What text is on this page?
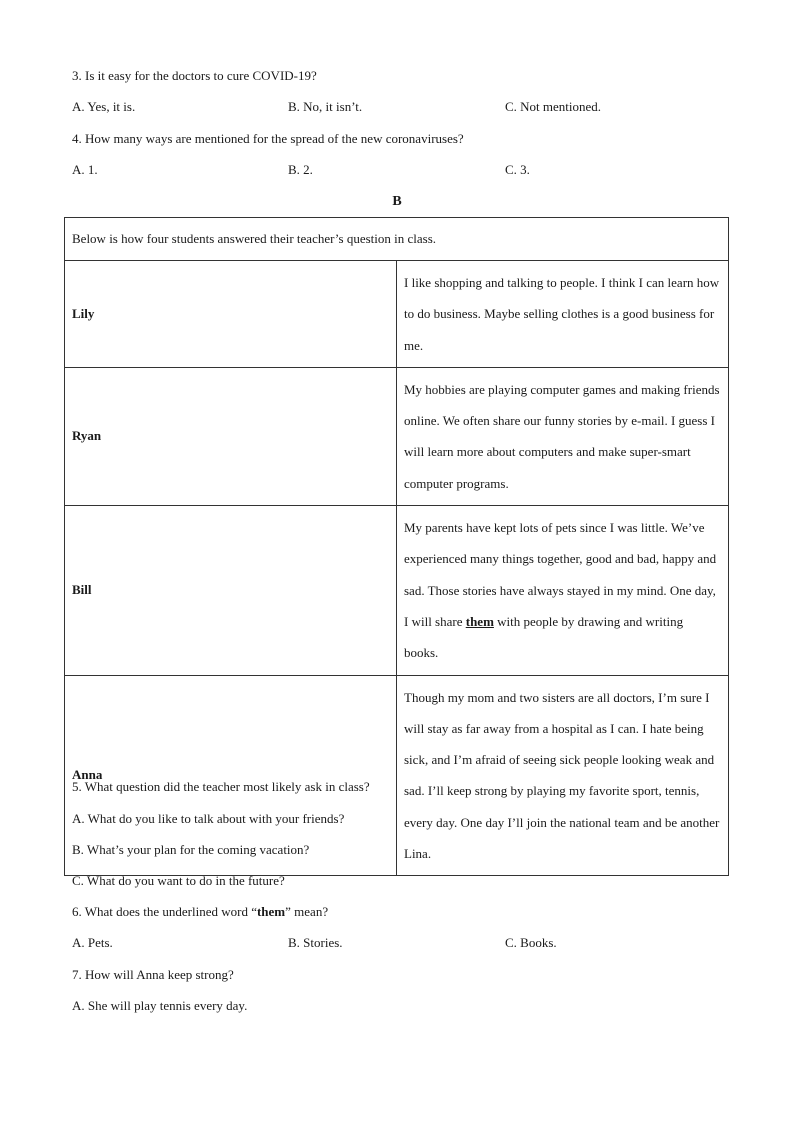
3. Is it easy for the doctors to cure COVID-19?
A. Yes, it is.	B. No, it isn’t.	C. Not mentioned.
4. How many ways are mentioned for the spread of the new coronaviruses?
A. 1.	B. 2.	C. 3.
B
Below is how four students answered their teacher’s question in class.	
Lily	I like shopping and talking to people. I think I can learn how to do business. Maybe selling clothes is a good business for me.
Ryan	My hobbies are playing computer games and making friends online. We often share our funny stories by e-mail. I guess I will learn more about computers and make super-smart computer programs.
Bill	My parents have kept lots of pets since I was little. We’ve experienced many things together, good and bad, happy and sad. Those stories have always stayed in my mind. One day, I will share them with people by drawing and writing books.
Anna	Though my mom and two sisters are all doctors, I’m sure I will stay as far away from a hospital as I can. I hate being sick, and I’m afraid of seeing sick people looking weak and sad. I’ll keep strong by playing my favorite sport, tennis, every day. One day I’ll join the national team and be another Lina.
5. What question did the teacher most likely ask in class?
A. What do you like to talk about with your friends?
B. What’s your plan for the coming vacation?
C. What do you want to do in the future?
6. What does the underlined word “them” mean?
A. Pets.	B. Stories.	C. Books.
7. How will Anna keep strong?
A. She will play tennis every day.
